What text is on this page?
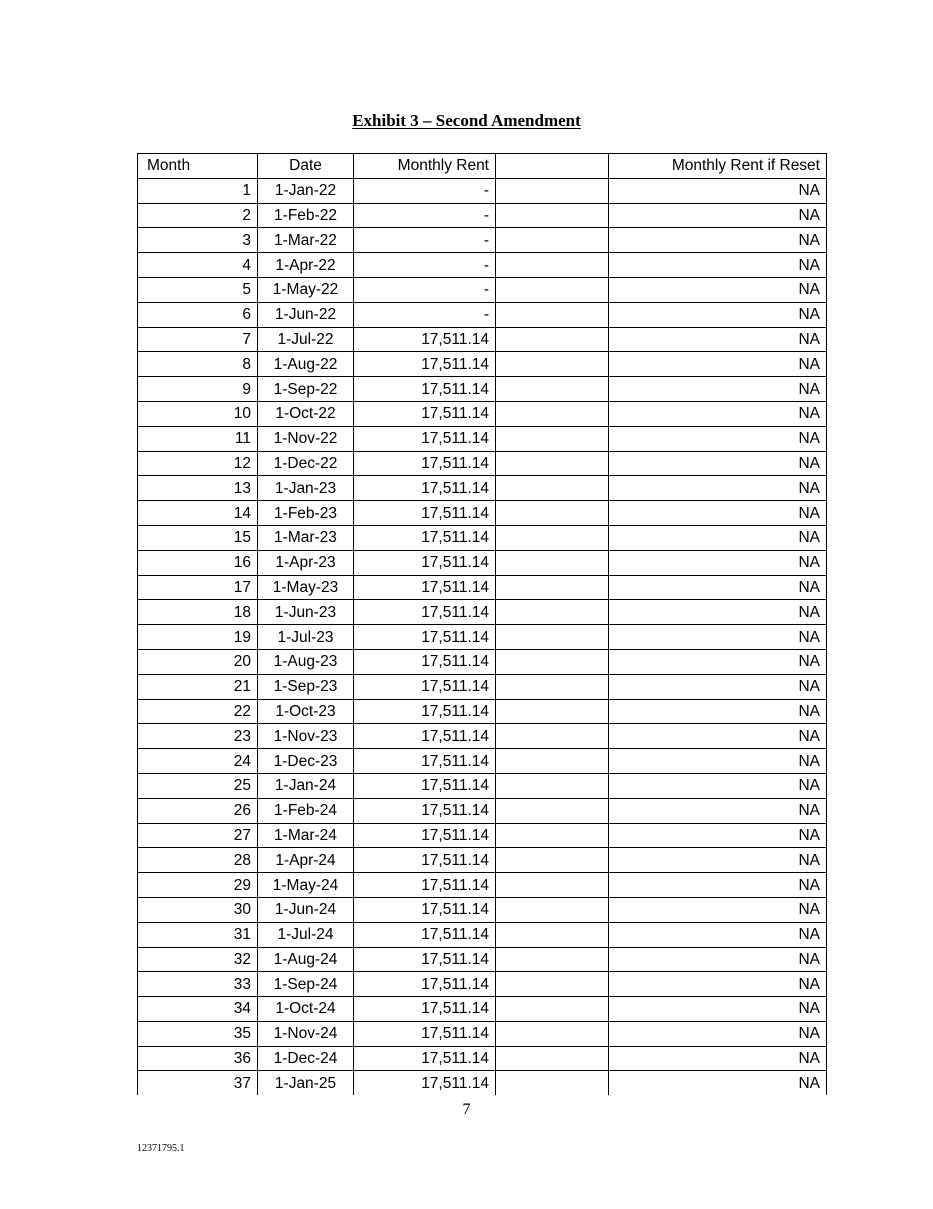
Exhibit 3 – Second Amendment
Month	Date	Monthly Rent		Monthly Rent if Reset
1	1-Jan-22	-		NA
2	1-Feb-22	-		NA
3	1-Mar-22	-		NA
4	1-Apr-22	-		NA
5	1-May-22	-		NA
6	1-Jun-22	-		NA
7	1-Jul-22	17,511.14		NA
8	1-Aug-22	17,511.14		NA
9	1-Sep-22	17,511.14		NA
10	1-Oct-22	17,511.14		NA
11	1-Nov-22	17,511.14		NA
12	1-Dec-22	17,511.14		NA
13	1-Jan-23	17,511.14		NA
14	1-Feb-23	17,511.14		NA
15	1-Mar-23	17,511.14		NA
16	1-Apr-23	17,511.14		NA
17	1-May-23	17,511.14		NA
18	1-Jun-23	17,511.14		NA
19	1-Jul-23	17,511.14		NA
20	1-Aug-23	17,511.14		NA
21	1-Sep-23	17,511.14		NA
22	1-Oct-23	17,511.14		NA
23	1-Nov-23	17,511.14		NA
24	1-Dec-23	17,511.14		NA
25	1-Jan-24	17,511.14		NA
26	1-Feb-24	17,511.14		NA
27	1-Mar-24	17,511.14		NA
28	1-Apr-24	17,511.14		NA
29	1-May-24	17,511.14		NA
30	1-Jun-24	17,511.14		NA
31	1-Jul-24	17,511.14		NA
32	1-Aug-24	17,511.14		NA
33	1-Sep-24	17,511.14		NA
34	1-Oct-24	17,511.14		NA
35	1-Nov-24	17,511.14		NA
36	1-Dec-24	17,511.14		NA
37	1-Jan-25	17,511.14		NA
7
12371795.1
